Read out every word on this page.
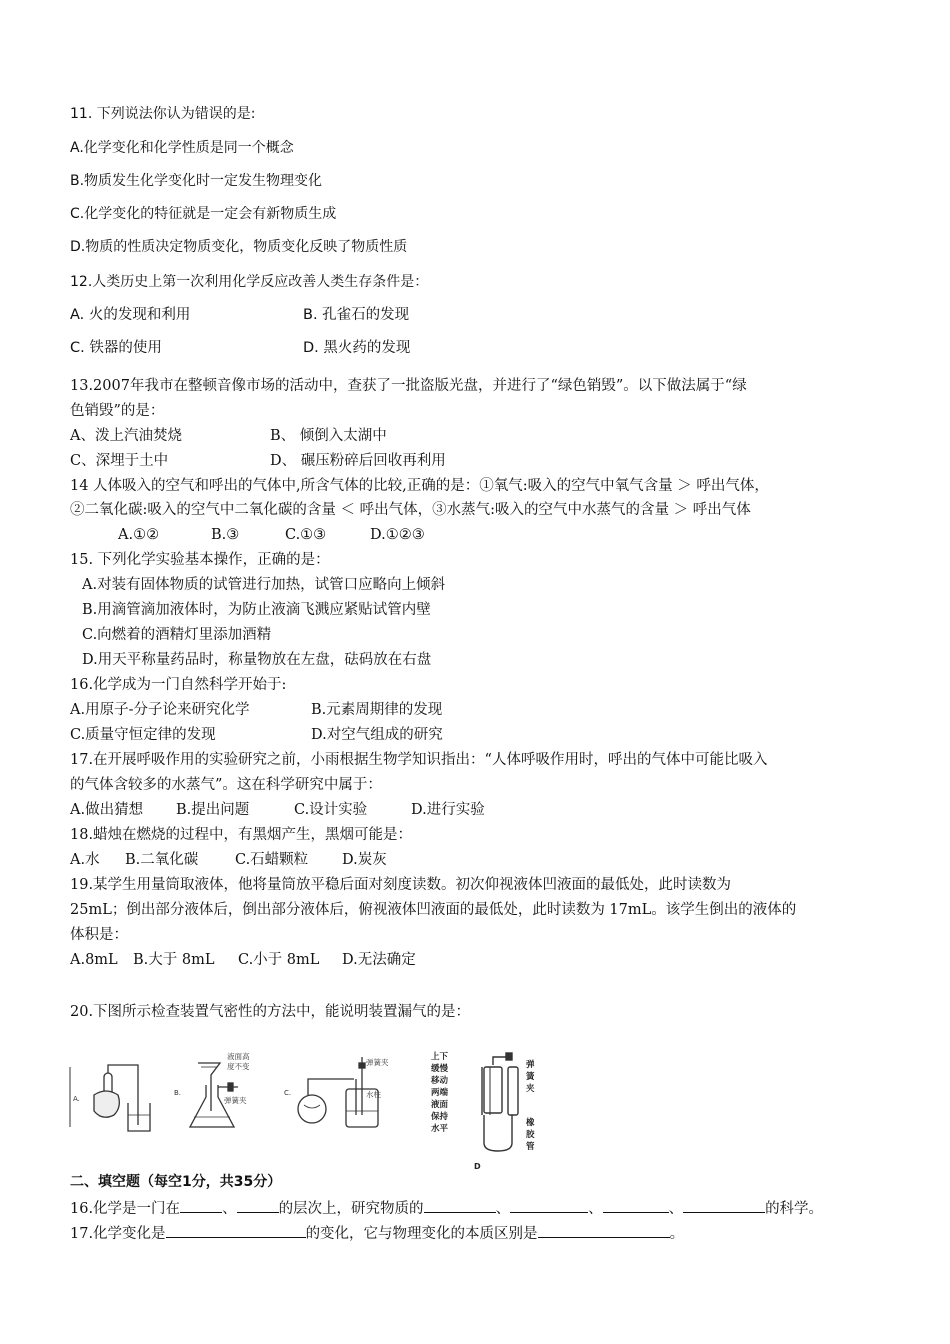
11. 下列说法你认为错误的是:
A.化学变化和化学性质是同一个概念
B.物质发生化学变化时一定发生物理变化
C.化学变化的特征就是一定会有新物质生成
D.物质的性质决定物质变化，物质变化反映了物质性质
12.人类历史上第一次利用化学反应改善人类生存条件是：
A. 火的发现和利用	B. 孔雀石的发现
C. 铁器的使用	D. 黑火药的发现
13.2007年我市在整顿音像市场的活动中，查获了一批盗版光盘，并进行了“绿色销毁”。以下做法属于“绿
色销毁”的是：
A、泼上汽油焚烧	B、 倾倒入太湖中
C、深埋于土中	D、 碾压粉碎后回收再利用
14 人体吸入的空气和呼出的气体中,所含气体的比较,正确的是：①氧气:吸入的空气中氧气含量 ＞ 呼出气体，
②二氧化碳:吸入的空气中二氧化碳的含量 ＜ 呼出气体，③水蒸气:吸入的空气中水蒸气的含量 ＞ 呼出气体
A.①②	B.③	C.①③	D.①②③
15. 下列化学实验基本操作，正确的是：
A.对装有固体物质的试管进行加热，试管口应略向上倾斜
B.用滴管滴加液体时，为防止液滴飞溅应紧贴试管内壁
C.向燃着的酒精灯里添加酒精
D.用天平称量药品时，称量物放在左盘，砝码放在右盘
16.化学成为一门自然科学开始于:
A.用原子-分子论来研究化学	B.元素周期律的发现
C.质量守恒定律的发现	D.对空气组成的研究
17.在开展呼吸作用的实验研究之前，小雨根据生物学知识指出：“人体呼吸作用时，呼出的气体中可能比吸入
的气体含较多的水蒸气”。这在科学研究中属于：
A.做出猜想 B.提出问题	C.设计实验	D.进行实验
18.蜡烛在燃烧的过程中，有黑烟产生，黑烟可能是：
A.水 B.二氧化碳	C.石蜡颗粒 D.炭灰
19.某学生用量筒取液体，他将量筒放平稳后面对刻度读数。初次仰视液体凹液面的最低处，此时读数为
25mL；倒出部分液体后，倒出部分液体后，俯视液体凹液面的最低处，此时读数为 17mL。该学生倒出的液体的
体积是：
A.8mL B.大于 8mL C.小于 8mL D.无法确定
20.下图所示检查装置气密性的方法中，能说明装置漏气的是：
A.
B.
液面高
度不变
弹簧夹
C.
弹簧夹
水柱
上下
缓慢
移动
两端
液面
保持
水平
弹
簧
夹
橡
胶
管
D
二、填空题（每空1分，共35分）
16.化学是一门在	、	的层次上，研究物质的	、	、	、	的科学。
17.化学变化是	的变化，它与物理变化的本质区别是	。
